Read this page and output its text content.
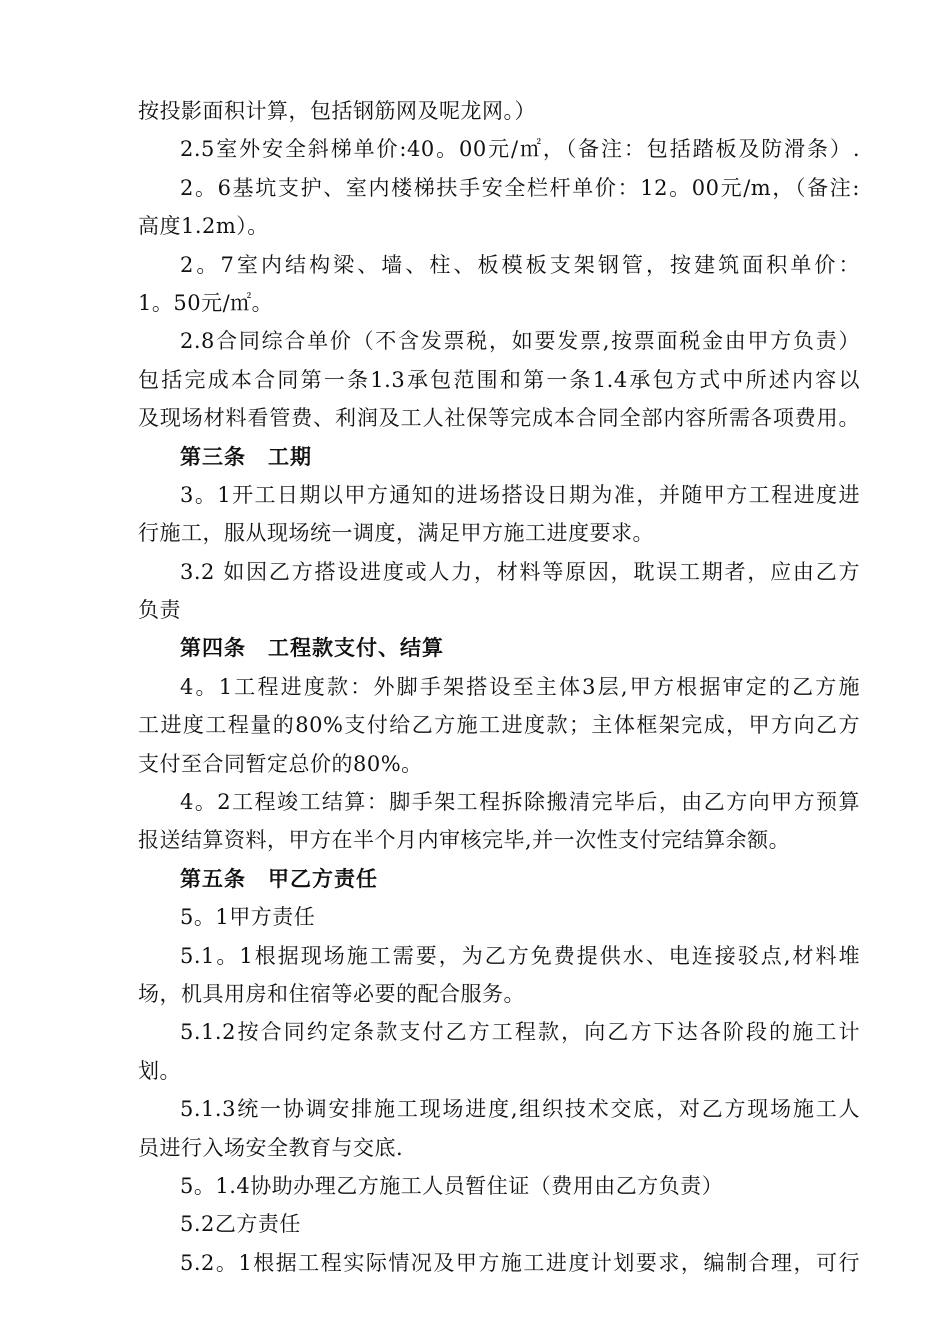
按投影面积计算，包括钢筋网及呢龙网。）
2.5室外安全斜梯单价:40。00元/㎡，（备注：包括踏板及防滑条）.
2。6基坑支护、室内楼梯扶手安全栏杆单价：12。00元/m，（备注:
高度1.2m）。
2。7室内结构梁、墙、柱、板模板支架钢管，按建筑面积单价：
1。50元/㎡。
2.8合同综合单价（不含发票税，如要发票,按票面税金由甲方负责）
包括完成本合同第一条1.3承包范围和第一条1.4承包方式中所述内容以
及现场材料看管费、利润及工人社保等完成本合同全部内容所需各项费用。
第三条　工期
3。1开工日期以甲方通知的进场搭设日期为准，并随甲方工程进度进
行施工，服从现场统一调度，满足甲方施工进度要求。
3.2 如因乙方搭设进度或人力，材料等原因，耽误工期者，应由乙方
负责
第四条　工程款支付、结算
4。1工程进度款：外脚手架搭设至主体3层,甲方根据审定的乙方施
工进度工程量的80%支付给乙方施工进度款；主体框架完成，甲方向乙方
支付至合同暂定总价的80%。
4。2工程竣工结算：脚手架工程拆除搬清完毕后，由乙方向甲方预算
报送结算资料，甲方在半个月内审核完毕,并一次性支付完结算余额。
第五条　甲乙方责任
5。1甲方责任
5.1。1根据现场施工需要，为乙方免费提供水、电连接驳点,材料堆
场，机具用房和住宿等必要的配合服务。
5.1.2按合同约定条款支付乙方工程款，向乙方下达各阶段的施工计
划。
5.1.3统一协调安排施工现场进度,组织技术交底，对乙方现场施工人
员进行入场安全教育与交底.
5。1.4协助办理乙方施工人员暂住证（费用由乙方负责）
5.2乙方责任
5.2。1根据工程实际情况及甲方施工进度计划要求，编制合理，可行
